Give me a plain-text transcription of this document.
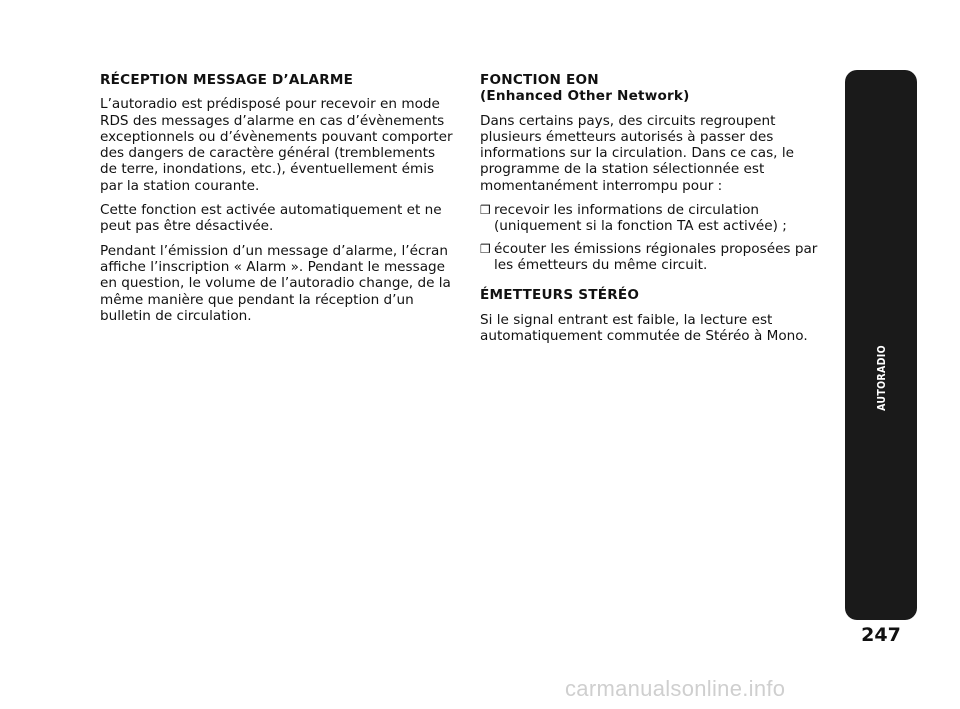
RÉCEPTION MESSAGE D’ALARME

L’autoradio est prédisposé pour recevoir en mode RDS des messages d’alarme en cas d’évènements exceptionnels ou d’évènements pouvant comporter des dangers de caractère général (tremblements de terre, inondations, etc.), éventuellement émis par la station courante.

Cette fonction est activée automatiquement et ne peut pas être désactivée.

Pendant l’émission d’un message d’alarme, l’écran affiche l’inscription « Alarm ». Pendant le message en question, le volume de l’autoradio change, de la même manière que pendant la réception d’un bulletin de circulation.

FONCTION EON
(Enhanced Other Network)

Dans certains pays, des circuits regroupent plusieurs émetteurs autorisés à passer des informations sur la circulation. Dans ce cas, le programme de la station sélectionnée est momentanément interrompu pour :

❒ recevoir les informations de circulation (uniquement si la fonction TA est activée) ;
❒ écouter les émissions régionales proposées par les émetteurs du même circuit.
ÉMETTEURS STÉRÉO

Si le signal entrant est faible, la lecture est automatiquement commutée de Stéréo à Mono.

AUTORADIO
247
carmanualsonline.info
